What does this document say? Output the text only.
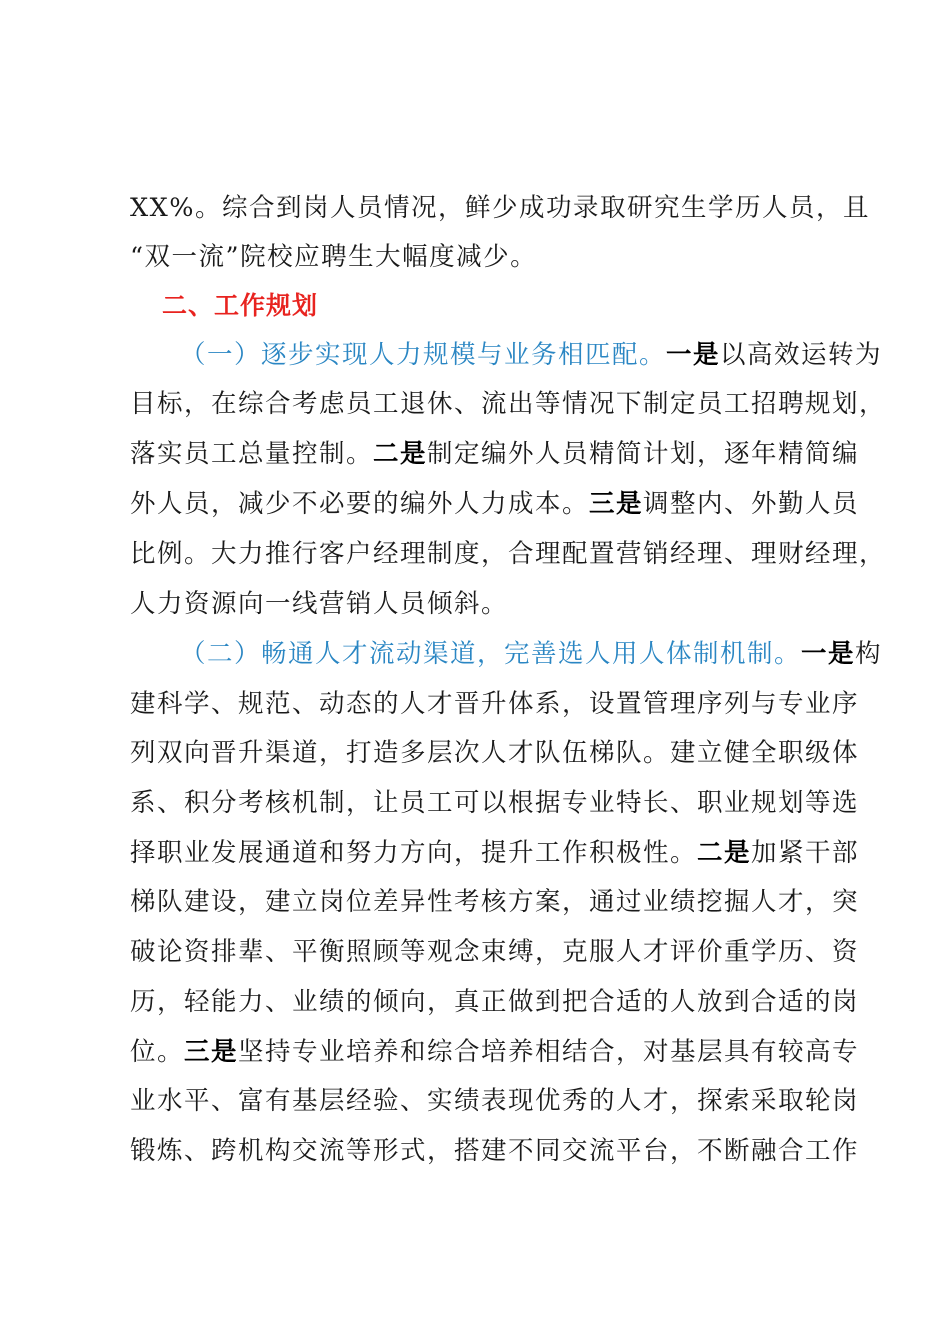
XX%。综合到岗人员情况，鲜少成功录取研究生学历人员，且
“双一流”院校应聘生大幅度减少。
二、工作规划
（一）逐步实现人力规模与业务相匹配。一是以高效运转为
目标，在综合考虑员工退休、流出等情况下制定员工招聘规划，
落实员工总量控制。二是制定编外人员精简计划，逐年精简编
外人员，减少不必要的编外人力成本。三是调整内、外勤人员
比例。大力推行客户经理制度，合理配置营销经理、理财经理，
人力资源向一线营销人员倾斜。
（二）畅通人才流动渠道，完善选人用人体制机制。一是构
建科学、规范、动态的人才晋升体系，设置管理序列与专业序
列双向晋升渠道，打造多层次人才队伍梯队。建立健全职级体
系、积分考核机制，让员工可以根据专业特长、职业规划等选
择职业发展通道和努力方向，提升工作积极性。二是加紧干部
梯队建设，建立岗位差异性考核方案，通过业绩挖掘人才，突
破论资排辈、平衡照顾等观念束缚，克服人才评价重学历、资
历，轻能力、业绩的倾向，真正做到把合适的人放到合适的岗
位。三是坚持专业培养和综合培养相结合，对基层具有较高专
业水平、富有基层经验、实绩表现优秀的人才，探索采取轮岗
锻炼、跨机构交流等形式，搭建不同交流平台，不断融合工作
